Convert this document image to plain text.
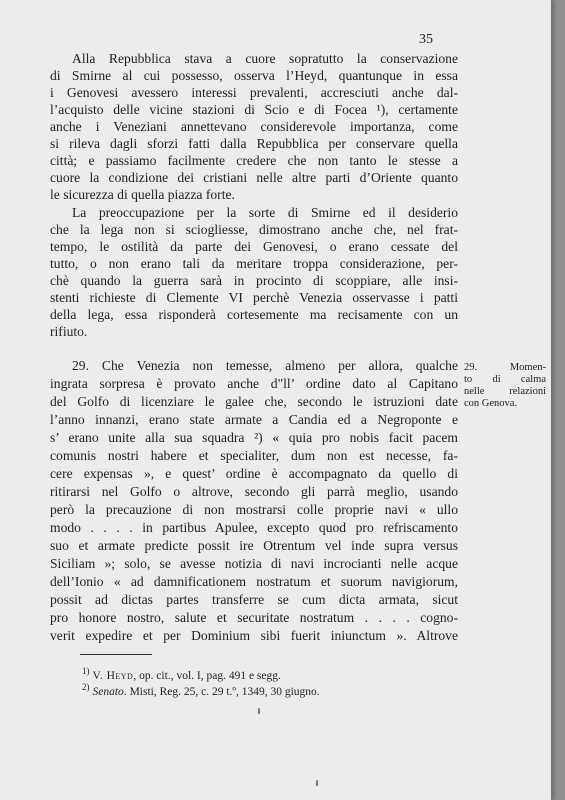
35
Alla Repubblica stava a cuore sopratutto la conservazione
di Smirne al cui possesso, osserva l’Heyd, quantunque in essa
i Genovesi avessero interessi prevalenti, accresciuti anche dal-
l’acquisto delle vicine stazioni di Scio e di Focea ¹), certamente
anche i Veneziani annettevano considerevole importanza, come
si rileva dagli sforzi fatti dalla Repubblica per conservare quella
città; e passiamo facilmente credere che non tanto le stesse a
cuore la condizione dei cristiani nelle altre parti d’Oriente quanto
le sicurezza di quella piazza forte.
La preoccupazione per la sorte di Smirne ed il desiderio
che la lega non si sciogliesse, dimostrano anche che, nel frat-
tempo, le ostilità da parte dei Genovesi, o erano cessate del
tutto, o non erano tali da meritare troppa considerazione, per-
chè quando la guerra sarà in procinto di scoppiare, alle insi-
stenti richieste di Clemente VI perchè Venezia osservasse i patti
della lega, essa risponderà cortesemente ma recisamente con un
rifiuto.
29. Che Venezia non temesse, almeno per allora, qualche
ingrata sorpresa è provato anche d"ll’ ordine dato al Capitano
del Golfo di licenziare le galee che, secondo le istruzioni date
l’anno innanzi, erano state armate a Candia ed a Negroponte e
s’ erano unite alla sua squadra ²) « quia pro nobis facit pacem
comunis nostri habere et specialiter, dum non est necesse, fa-
cere expensas », e quest’ ordine è accompagnato da quello di
ritirarsi nel Golfo o altrove, secondo gli parrà meglio, usando
però la precauzione di non mostrarsi colle proprie navi « ullo
modo . . . . in partibus Apulee, excepto quod pro refriscamento
suo et armate predicte possit ire Otrentum vel inde supra versus
Siciliam »; solo, se avesse notizia di navi incrocianti nelle acque
dell’Ionio « ad damnificationem nostratum et suorum navigiorum,
possit ad dictas partes transferre se cum dicta armata, sicut
pro honore nostro, salute et securitate nostratum . . . . cogno-
verit expedire et per Dominium sibi fuerit iniunctum ». Altrove
29. Momen-
to di calma
nelle relazioni
con Genova.
$^{1)}$ V. Heyd, op. cit., vol. I, pag. 491 e segg.
$^{2)}$ Senato. Misti, Reg. 25, c. 29 t.º, 1349, 30 giugno.
